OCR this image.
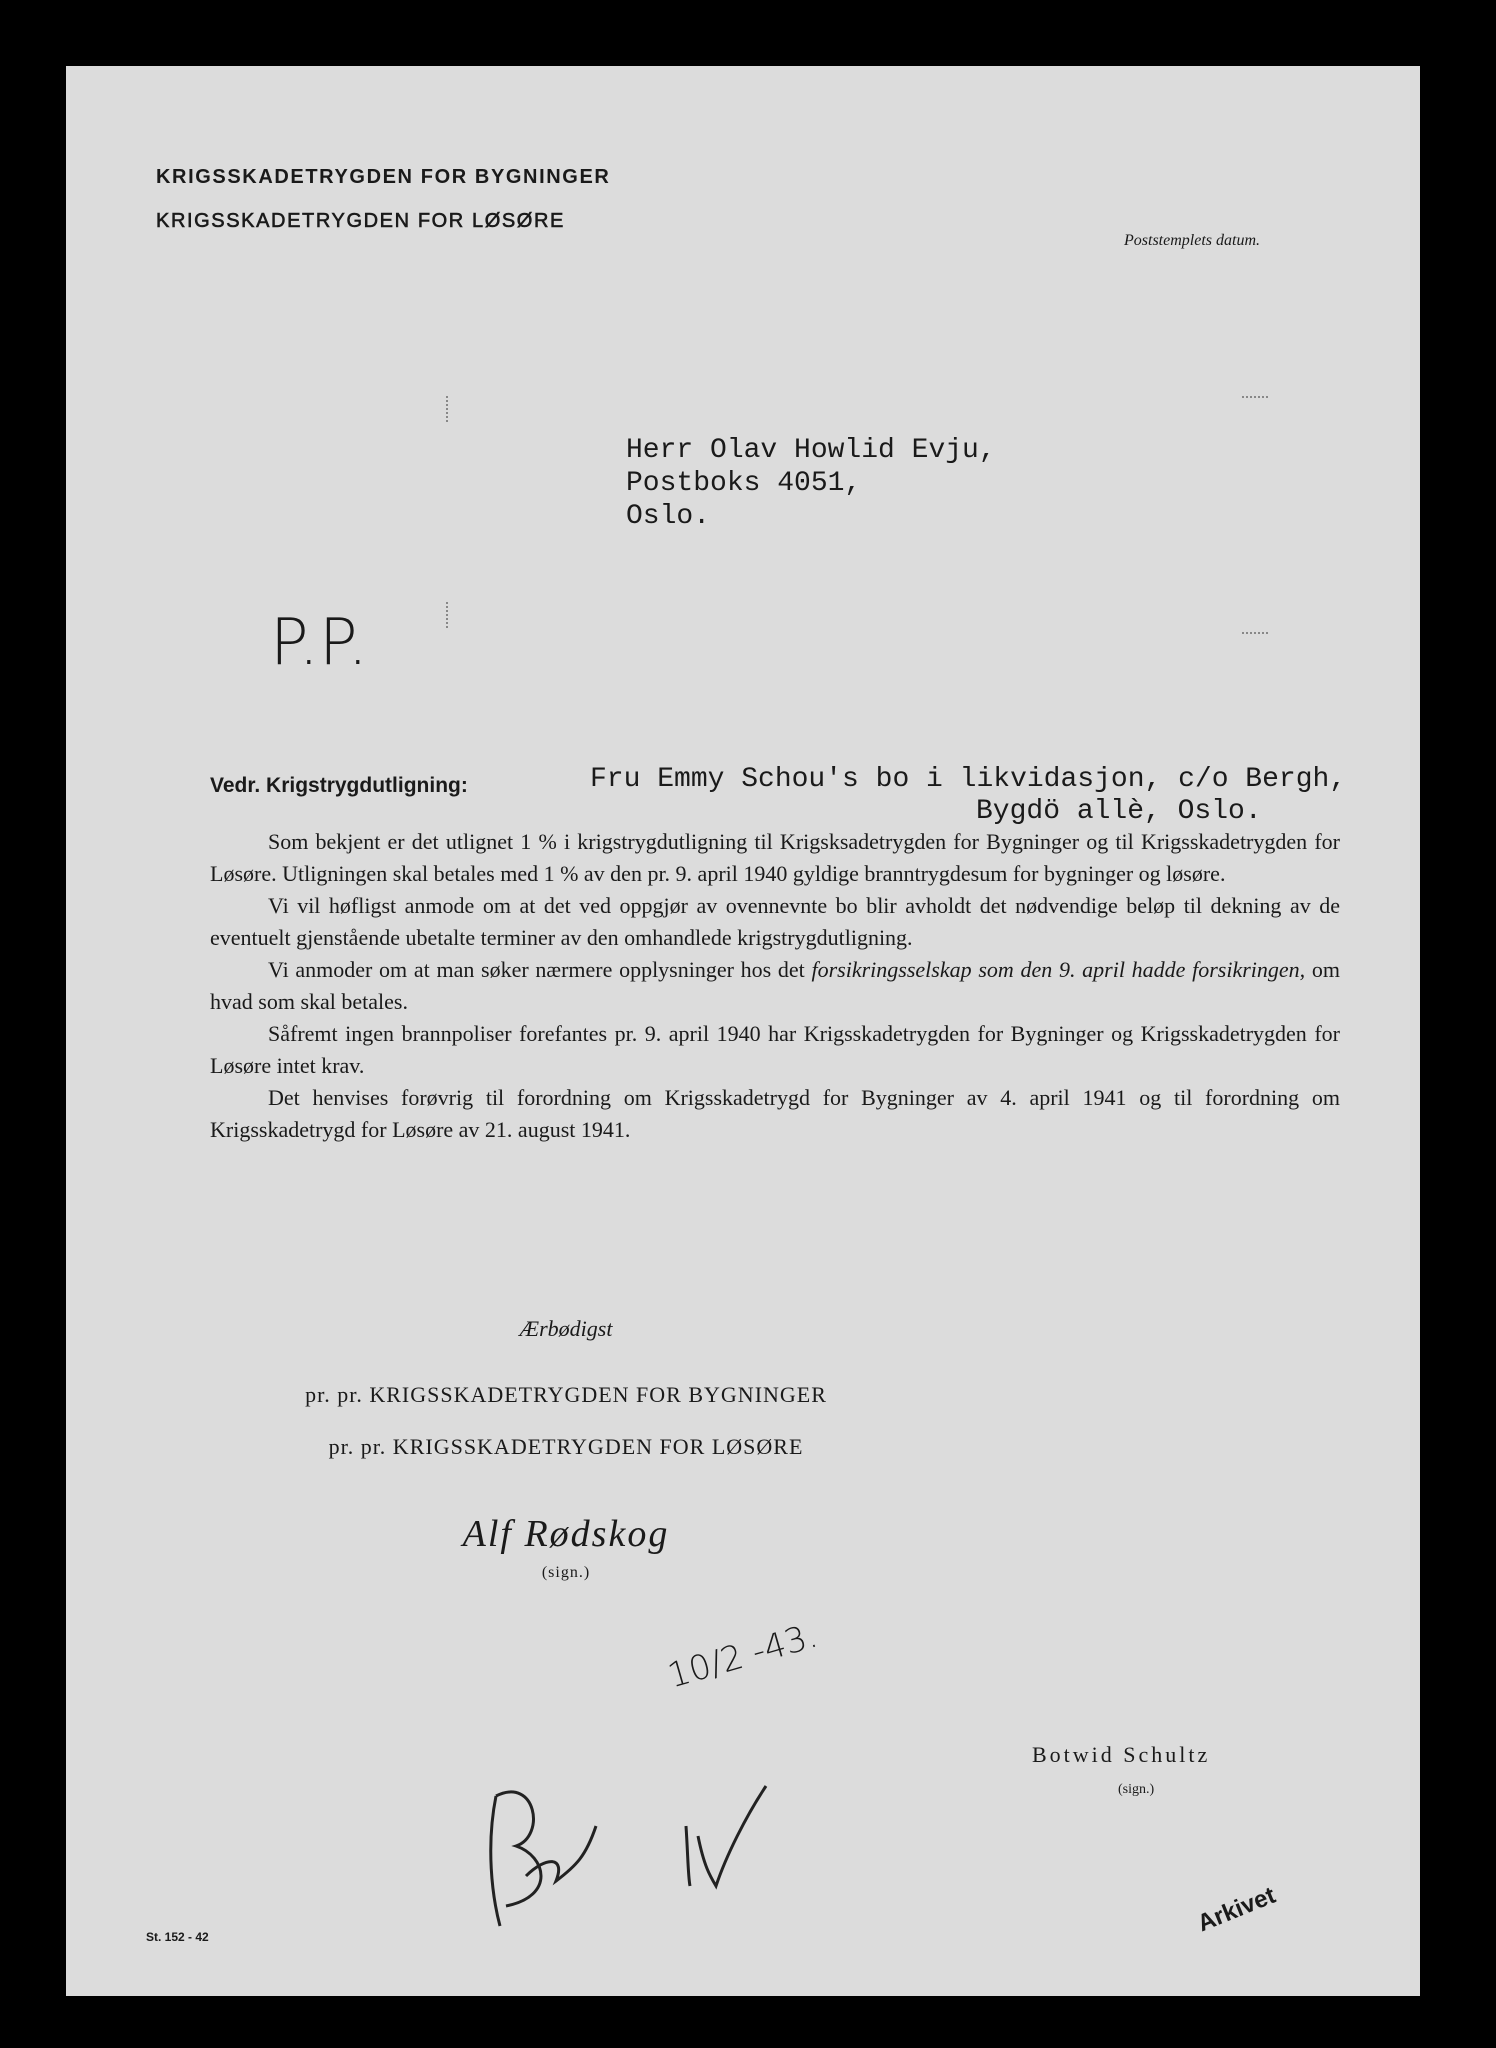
KRIGSSKADETRYGDEN FOR BYGNINGER
KRIGSSKADETRYGDEN FOR LØSØRE
Poststemplets datum.
Herr Olav Howlid Evju,
Postboks 4051,
Oslo.
P.P.
Vedr. Krigstrygdutligning:	Fru Emmy Schou's bo i likvidasjon, c/o Bergh,
Bygdö allè, Oslo.

Som bekjent er det utlignet 1 % i krigstrygdutligning til Krigsksadetrygden for Bygninger og til Krigsskadetrygden for Løsøre. Utligningen skal betales med 1 % av den pr. 9. april 1940 gyldige branntrygdesum for bygninger og løsøre.

Vi vil høfligst anmode om at det ved oppgjør av ovennevnte bo blir avholdt det nødvendige beløp til dekning av de eventuelt gjenstående ubetalte terminer av den omhandlede krigstrygdutligning.

Vi anmoder om at man søker nærmere opplysninger hos det forsikringsselskap som den 9. april hadde forsikringen, om hvad som skal betales.

Såfremt ingen brannpoliser forefantes pr. 9. april 1940 har Krigsskadetrygden for Bygninger og Krigsskadetrygden for Løsøre intet krav.

Det henvises forøvrig til forordning om Krigsskadetrygd for Bygninger av 4. april 1941 og til forordning om Krigsskadetrygd for Løsøre av 21. august 1941.

Ærbødigst
pr. pr. KRIGSSKADETRYGDEN FOR BYGNINGER
pr. pr. KRIGSSKADETRYGDEN FOR LØSØRE
Alf Rødskog
(sign.)
10/2 -43.
Botwid Schultz
(sign.)
St. 152 - 42	Arkivet
